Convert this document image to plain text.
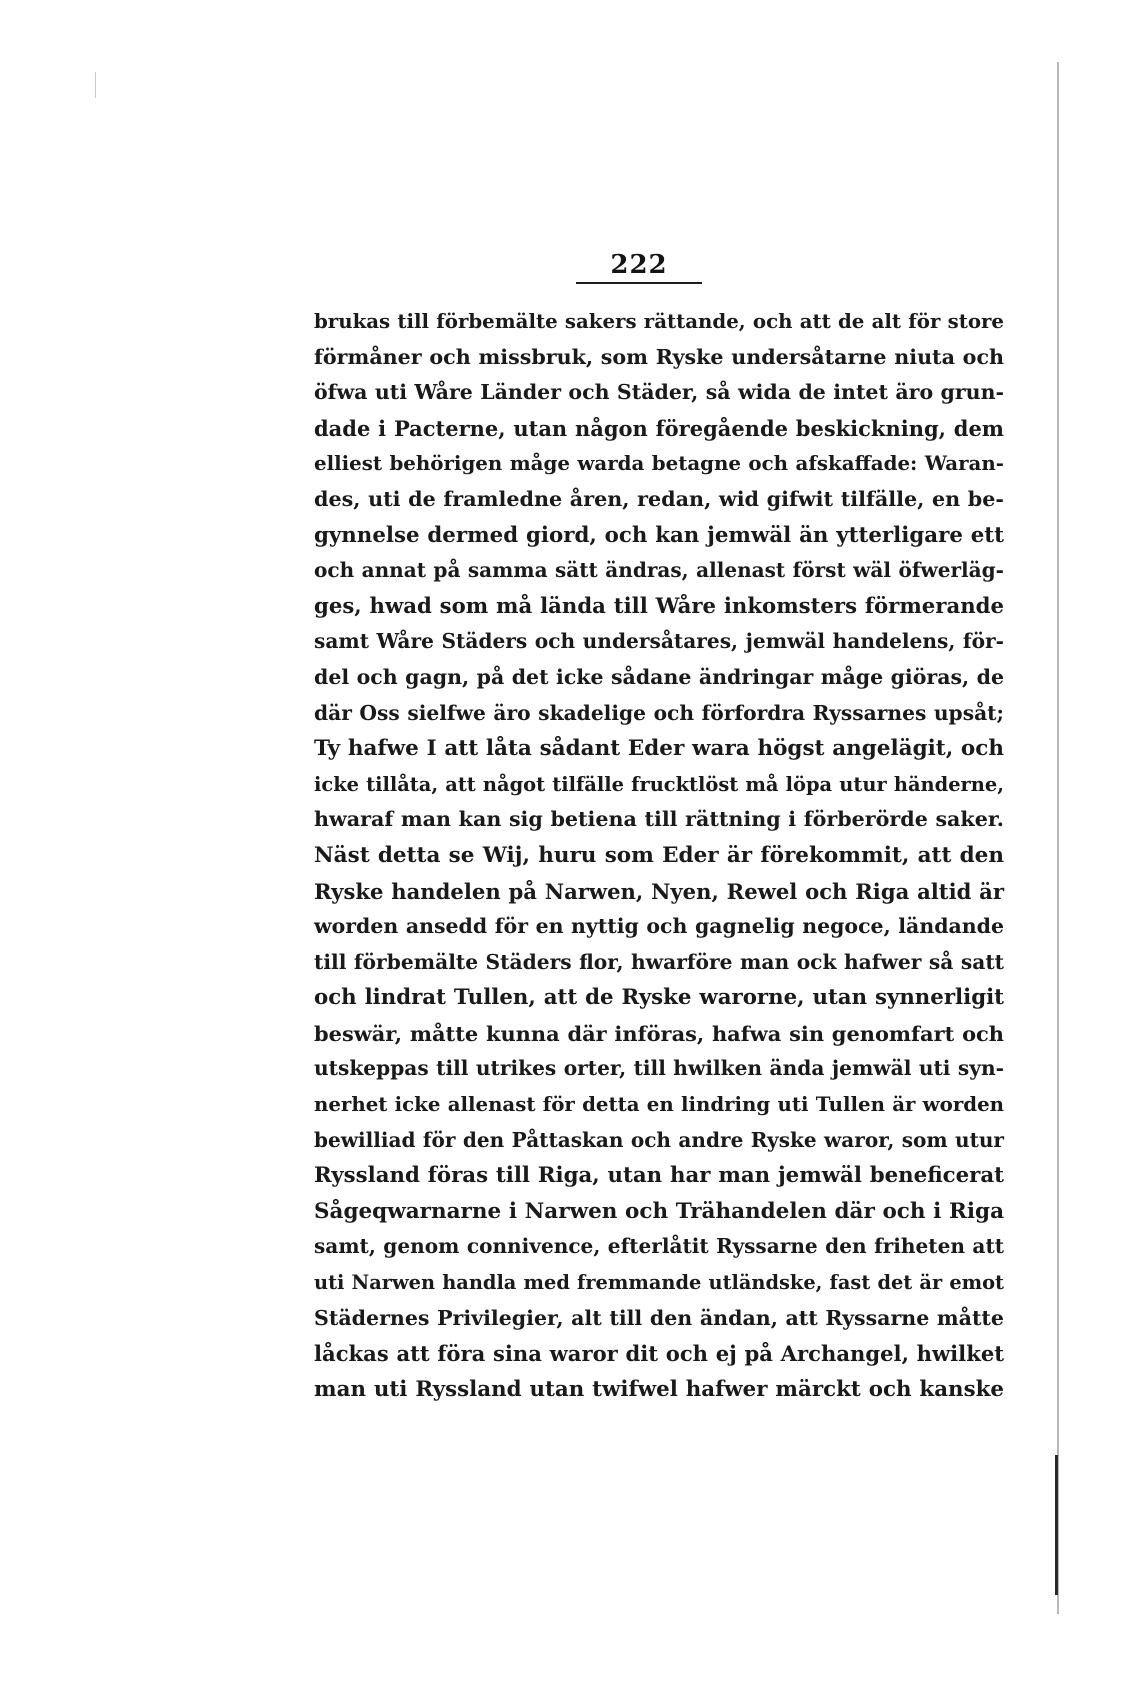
222
brukas till förbemälte sakers rättande, och att de alt för store
förmåner och missbruk, som Ryske undersåtarne niuta och
öfwa uti Wåre Länder och Städer, så wida de intet äro grun-
dade i Pacterne, utan någon föregående beskickning, dem
elliest behörigen måge warda betagne och afskaffade: Waran-
des, uti de framledne åren, redan, wid gifwit tilfälle, en be-
gynnelse dermed giord, och kan jemwäl än ytterligare ett
och annat på samma sätt ändras, allenast först wäl öfwerläg-
ges, hwad som må lända till Wåre inkomsters förmerande
samt Wåre Städers och undersåtares, jemwäl handelens, för-
del och gagn, på det icke sådane ändringar måge giöras, de
där Oss sielfwe äro skadelige och förfordra Ryssarnes upsåt;
Ty hafwe I att låta sådant Eder wara högst angelägit, och
icke tillåta, att något tilfälle frucktlöst må löpa utur händerne,
hwaraf man kan sig betiena till rättning i förberörde saker.
Näst detta se Wij, huru som Eder är förekommit, att den
Ryske handelen på Narwen, Nyen, Rewel och Riga altid är
worden ansedd för en nyttig och gagnelig negoce, ländande
till förbemälte Städers flor, hwarföre man ock hafwer så satt
och lindrat Tullen, att de Ryske warorne, utan synnerligit
beswär, måtte kunna där införas, hafwa sin genomfart och
utskeppas till utrikes orter, till hwilken ända jemwäl uti syn-
nerhet icke allenast för detta en lindring uti Tullen är worden
bewilliad för den Påttaskan och andre Ryske waror, som utur
Ryssland föras till Riga, utan har man jemwäl beneficerat
Sågeqwarnarne i Narwen och Trähandelen där och i Riga
samt, genom connivence, efterlåtit Ryssarne den friheten att
uti Narwen handla med fremmande utländske, fast det är emot
Städernes Privilegier, alt till den ändan, att Ryssarne måtte
låckas att föra sina waror dit och ej på Archangel, hwilket
man uti Ryssland utan twifwel hafwer märckt och kanske
